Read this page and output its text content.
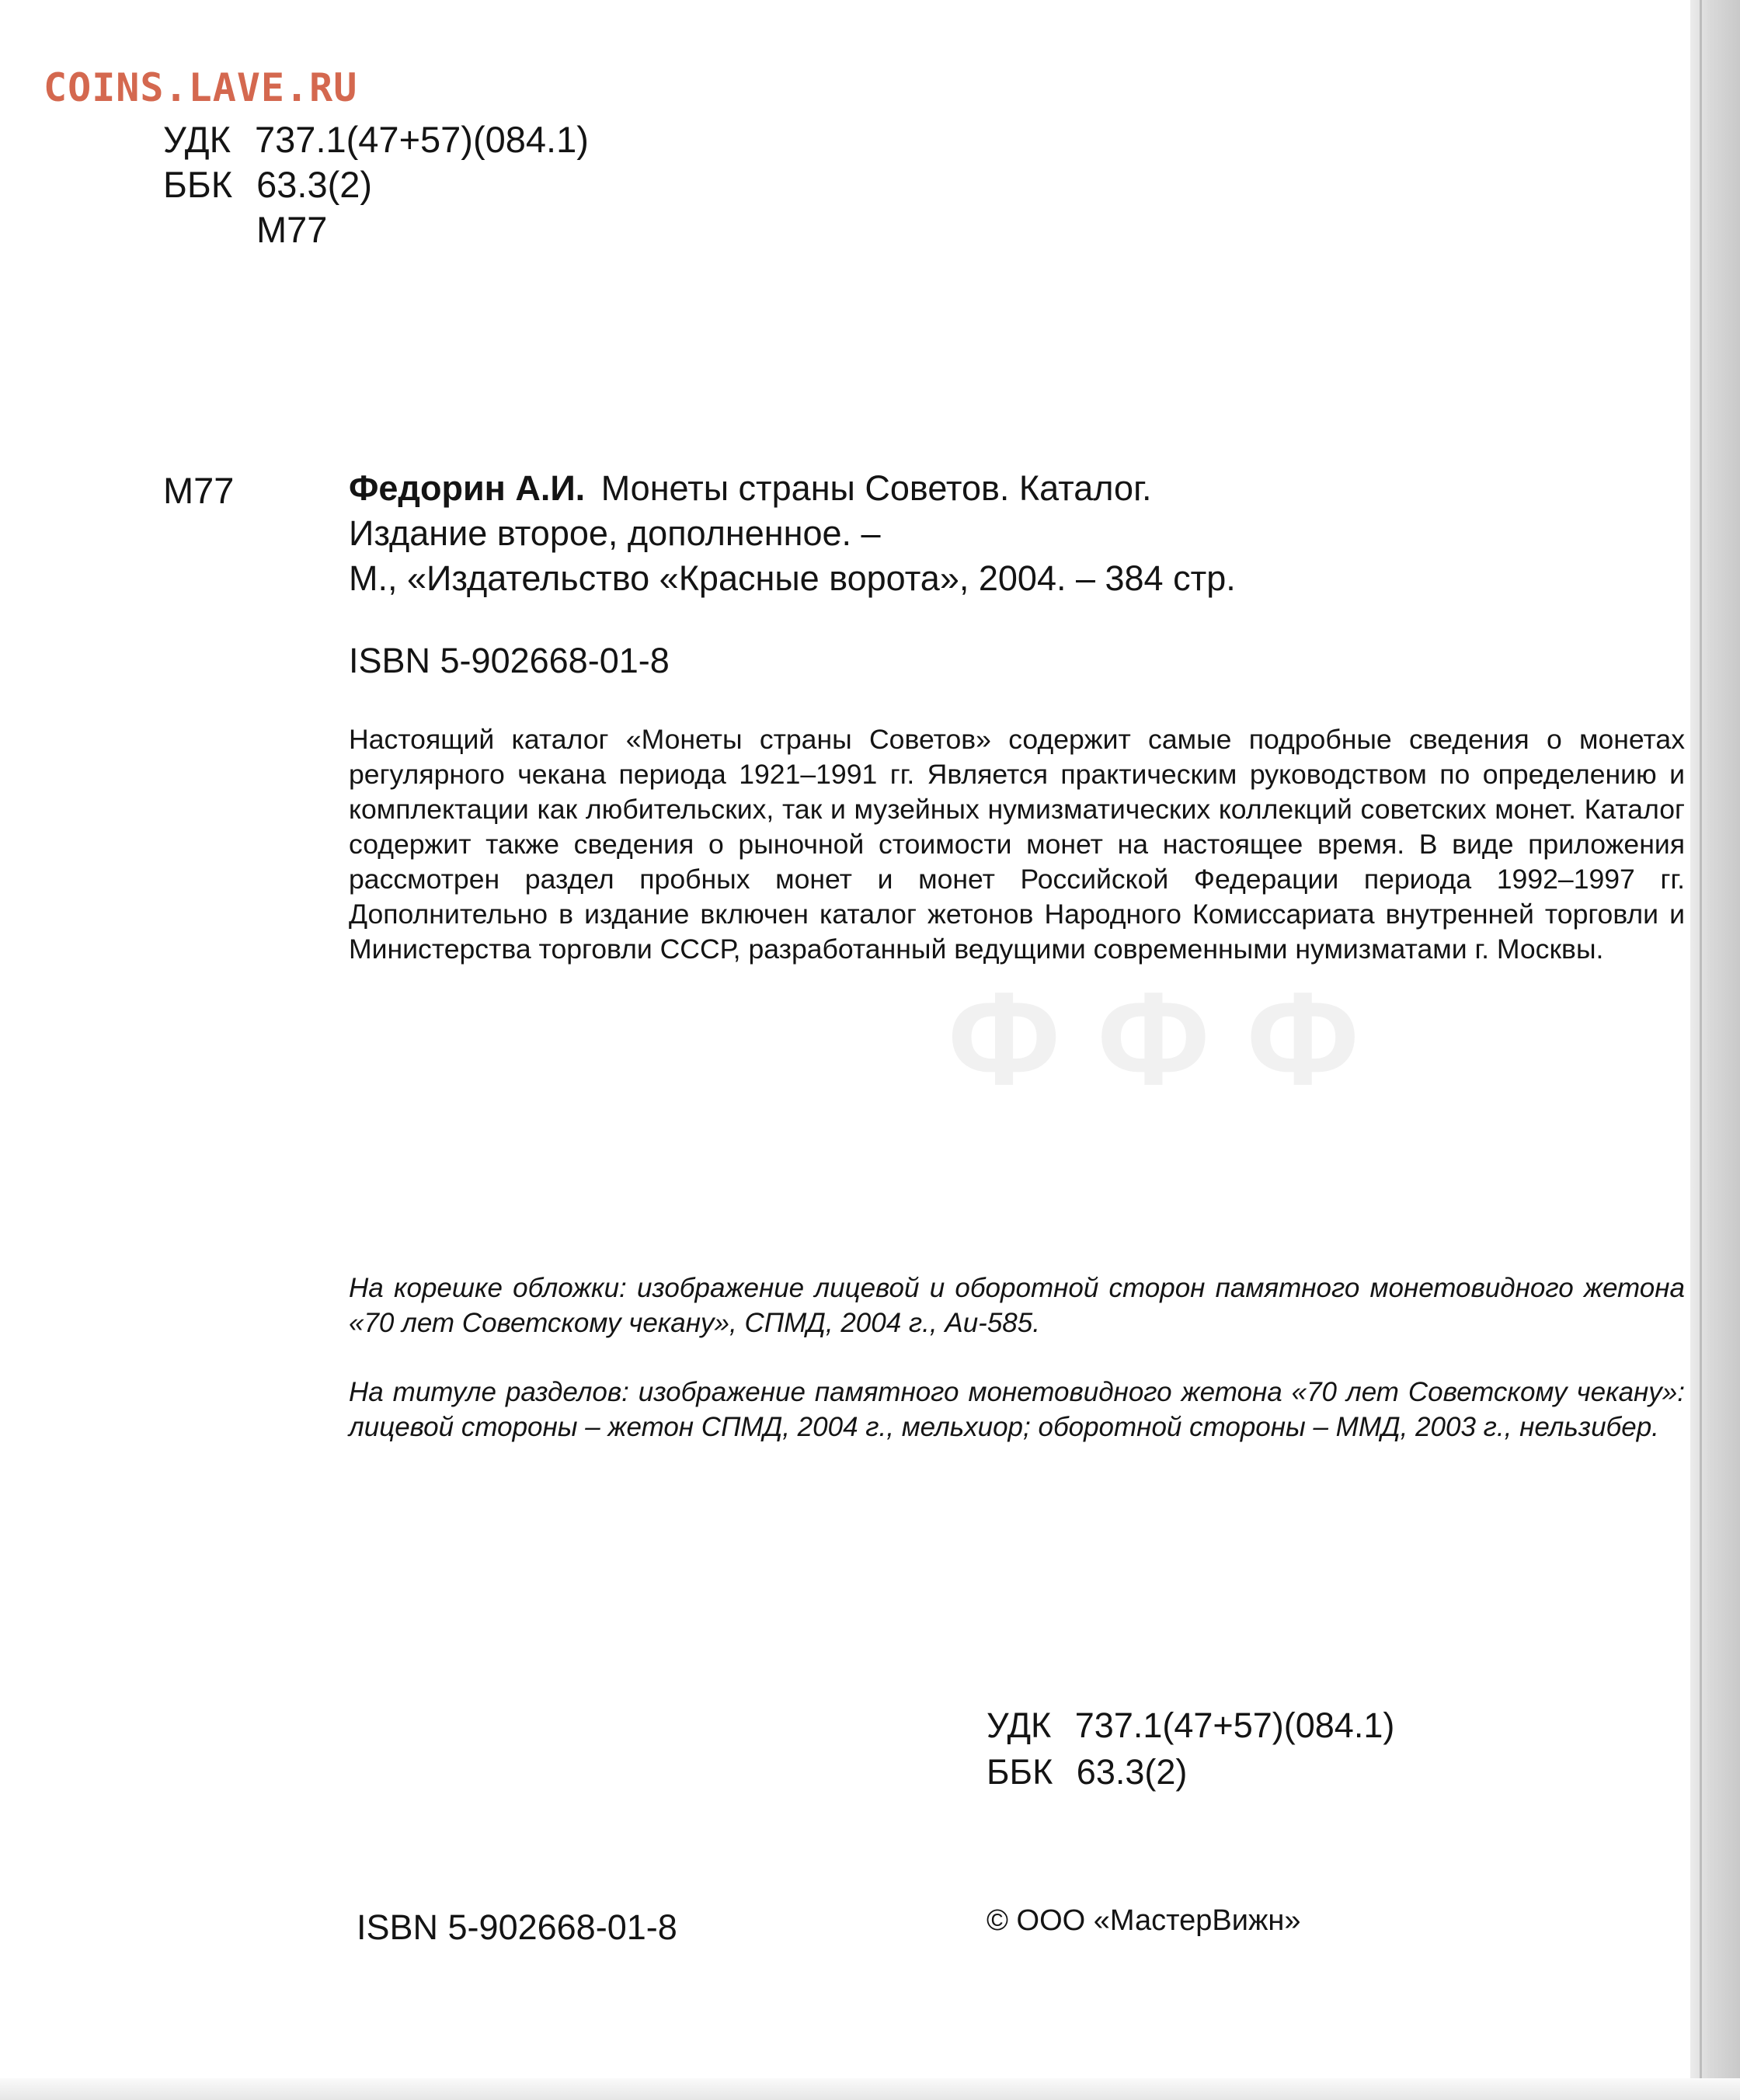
Ф Ф Ф
COINS.LAVE.RU
УДК 737.1(47+57)(084.1)
ББК 63.3(2)
М77
М77	Федорин А.И. Монеты страны Советов. Каталог.
Издание второе, дополненное. –
М., «Издательство «Красные ворота», 2004. – 384 стр.
ISBN 5-902668-01-8
Настоящий каталог «Монеты страны Советов» содержит самые подробные сведения о монетах регулярного чекана периода 1921–1991 гг. Является практическим руководством по определению и комплектации как любительских, так и музейных нумизматических коллекций советских монет. Каталог содержит также сведения о рыночной стоимости монет на настоящее время. В виде приложения рассмотрен раздел пробных монет и монет Российской Федерации периода 1992–1997 гг. Дополнительно в издание включен каталог жетонов Народного Комиссариата внутренней торговли и Министерства торговли СССР, разработанный ведущими современными нумизматами г. Москвы.
На корешке обложки: изображение лицевой и оборотной сторон памятного монетовидного жетона «70 лет Советскому чекану», СПМД, 2004 г., Au-585.
На титуле разделов: изображение памятного монетовидного жетона «70 лет Советскому чекану»: лицевой стороны – жетон СПМД, 2004 г., мельхиор; оборотной стороны – ММД, 2003 г., нельзибер.
УДК 737.1(47+57)(084.1)
ББК 63.3(2)
ISBN 5-902668-01-8	© ООО «МастерВижн»
